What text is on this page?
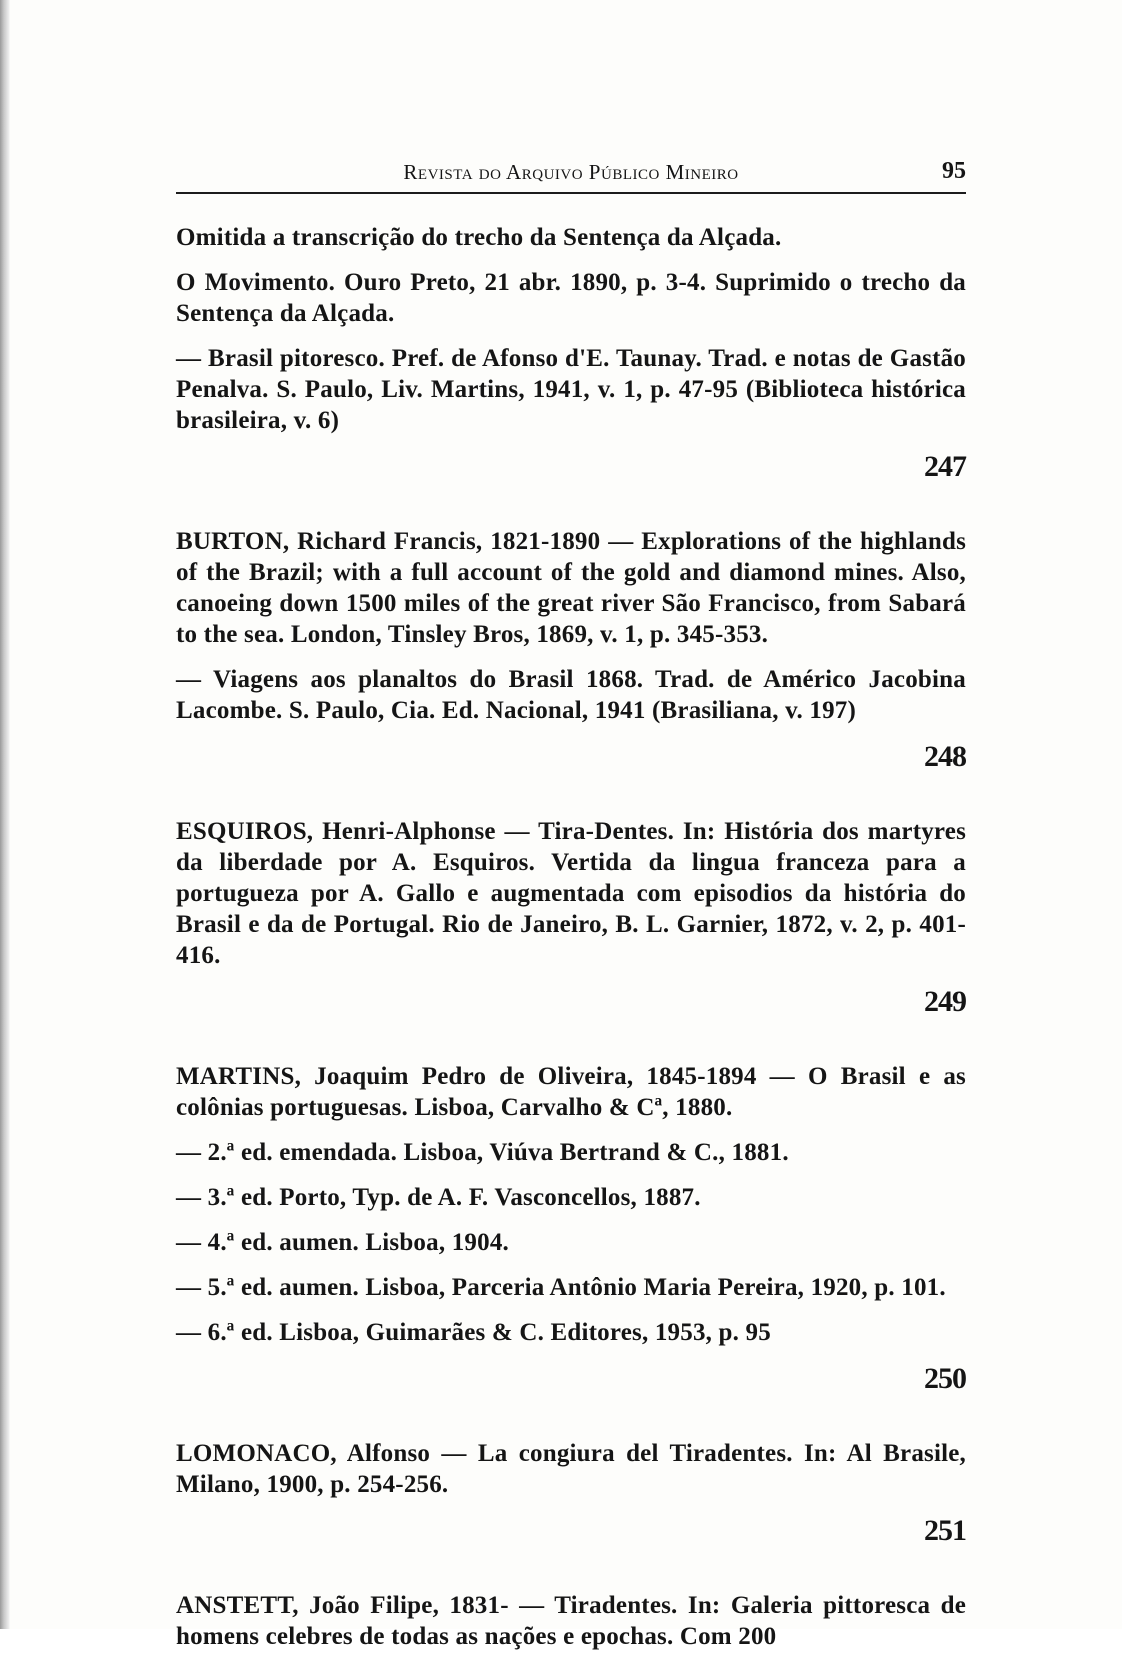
Revista do Arquivo Público Mineiro	95

Omitida a transcrição do trecho da Sentença da Alçada.

O Movimento. Ouro Preto, 21 abr. 1890, p. 3-4. Suprimido o trecho da Sentença da Alçada.

— Brasil pitoresco. Pref. de Afonso d'E. Taunay. Trad. e notas de Gastão Penalva. S. Paulo, Liv. Martins, 1941, v. 1, p. 47-95 (Biblioteca histórica brasileira, v. 6)

247

BURTON, Richard Francis, 1821-1890 — Explorations of the highlands of the Brazil; with a full account of the gold and diamond mines. Also, canoeing down 1500 miles of the great river São Francisco, from Sabará to the sea. London, Tinsley Bros, 1869, v. 1, p. 345-353.

— Viagens aos planaltos do Brasil 1868. Trad. de Américo Jacobina Lacombe. S. Paulo, Cia. Ed. Nacional, 1941 (Brasiliana, v. 197)

248

ESQUIROS, Henri-Alphonse — Tira-Dentes. In: História dos martyres da liberdade por A. Esquiros. Vertida da lingua franceza para a portugueza por A. Gallo e augmentada com episodios da história do Brasil e da de Portugal. Rio de Janeiro, B. L. Garnier, 1872, v. 2, p. 401-416.

249

MARTINS, Joaquim Pedro de Oliveira, 1845-1894 — O Brasil e as colônias portuguesas. Lisboa, Carvalho & Cª, 1880.

— 2.ª ed. emendada. Lisboa, Viúva Bertrand & C., 1881.

— 3.ª ed. Porto, Typ. de A. F. Vasconcellos, 1887.

— 4.ª ed. aumen. Lisboa, 1904.

— 5.ª ed. aumen. Lisboa, Parceria Antônio Maria Pereira, 1920, p. 101.

— 6.ª ed. Lisboa, Guimarães & C. Editores, 1953, p. 95

250

LOMONACO, Alfonso — La congiura del Tiradentes. In: Al Brasile, Milano, 1900, p. 254-256.

251

ANSTETT, João Filipe, 1831- — Tiradentes. In: Galeria pittoresca de homens celebres de todas as nações e epochas. Com 200
